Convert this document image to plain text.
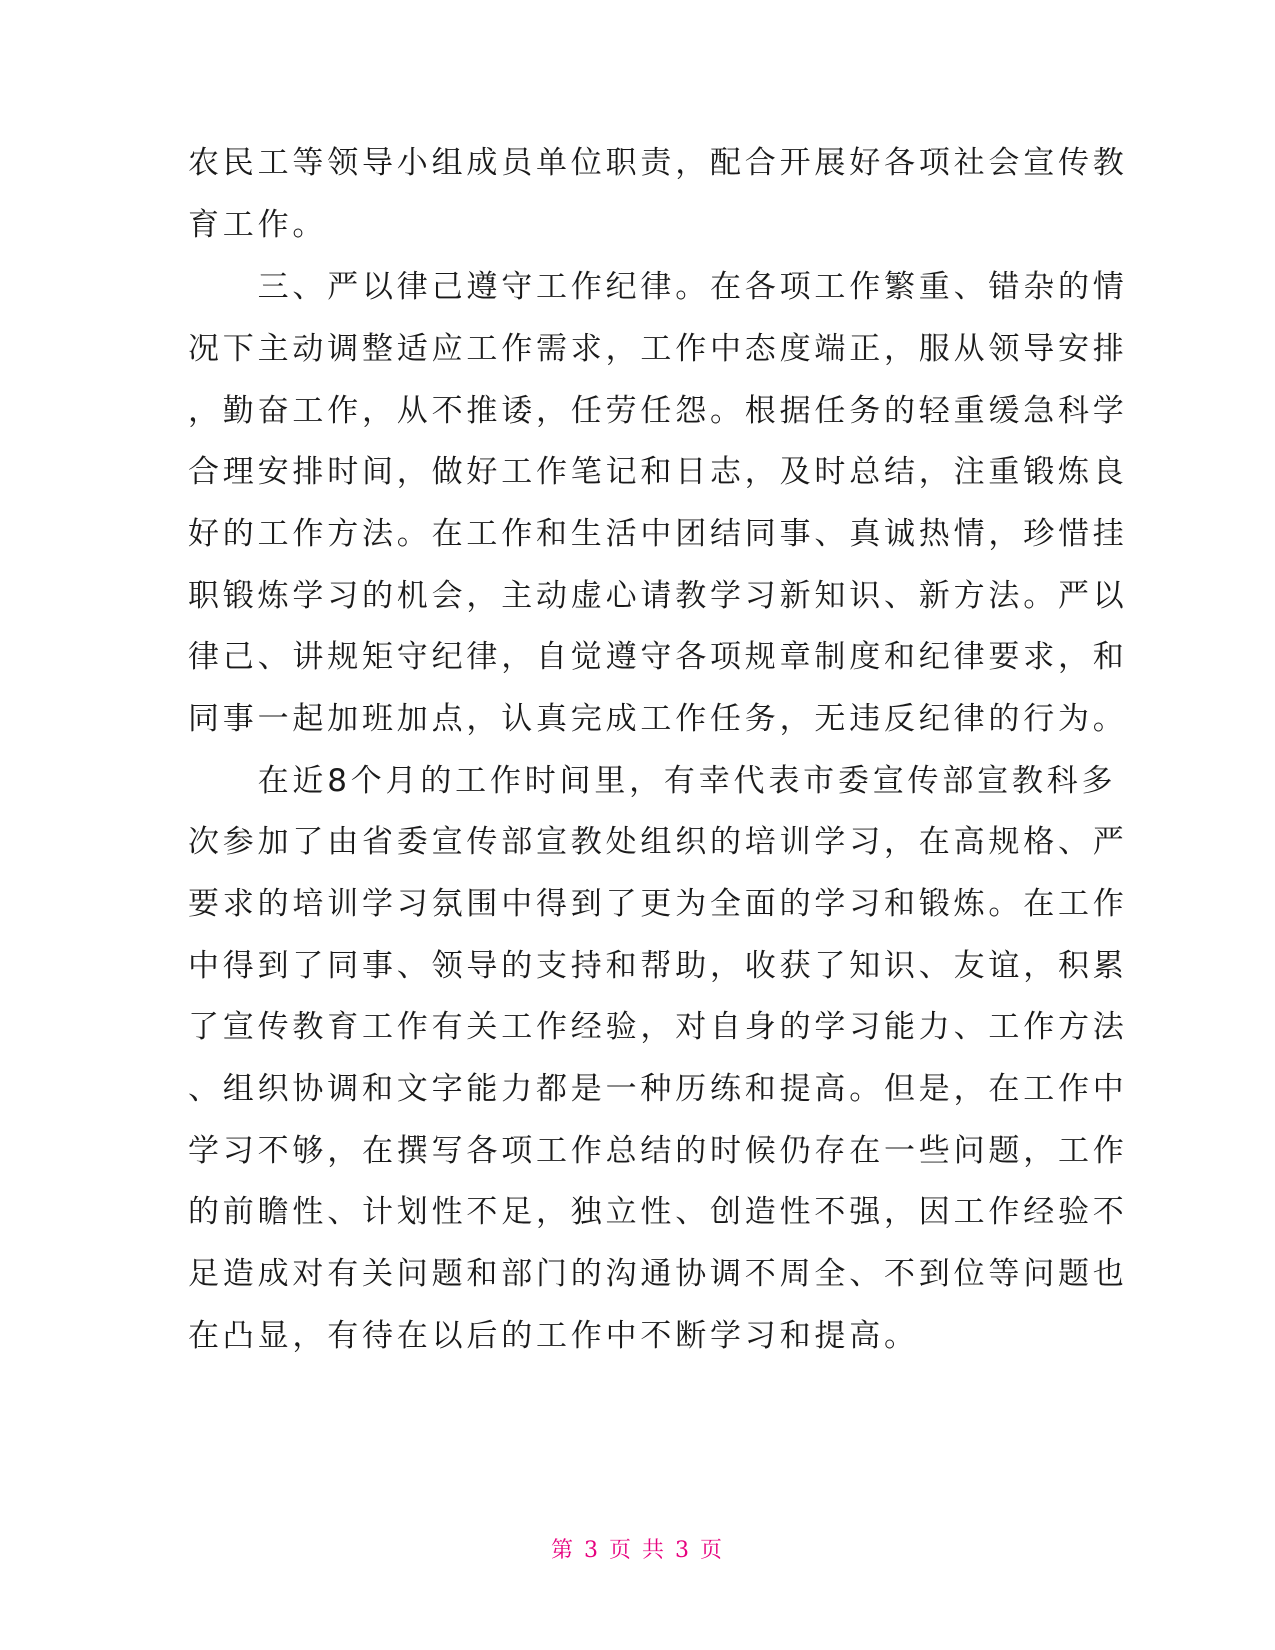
农民工等领导小组成员单位职责，配合开展好各项社会宣传教
育工作。
　　三、严以律己遵守工作纪律。在各项工作繁重、错杂的情
况下主动调整适应工作需求，工作中态度端正，服从领导安排
，勤奋工作，从不推诿，任劳任怨。根据任务的轻重缓急科学
合理安排时间，做好工作笔记和日志，及时总结，注重锻炼良
好的工作方法。在工作和生活中团结同事、真诚热情，珍惜挂
职锻炼学习的机会，主动虚心请教学习新知识、新方法。严以
律己、讲规矩守纪律，自觉遵守各项规章制度和纪律要求，和
同事一起加班加点，认真完成工作任务，无违反纪律的行为。
　　在近8个月的工作时间里，有幸代表市委宣传部宣教科多
次参加了由省委宣传部宣教处组织的培训学习，在高规格、严
要求的培训学习氛围中得到了更为全面的学习和锻炼。在工作
中得到了同事、领导的支持和帮助，收获了知识、友谊，积累
了宣传教育工作有关工作经验，对自身的学习能力、工作方法
、组织协调和文字能力都是一种历练和提高。但是，在工作中
学习不够，在撰写各项工作总结的时候仍存在一些问题，工作
的前瞻性、计划性不足，独立性、创造性不强，因工作经验不
足造成对有关问题和部门的沟通协调不周全、不到位等问题也
在凸显，有待在以后的工作中不断学习和提高。
第 3 页 共 3 页
